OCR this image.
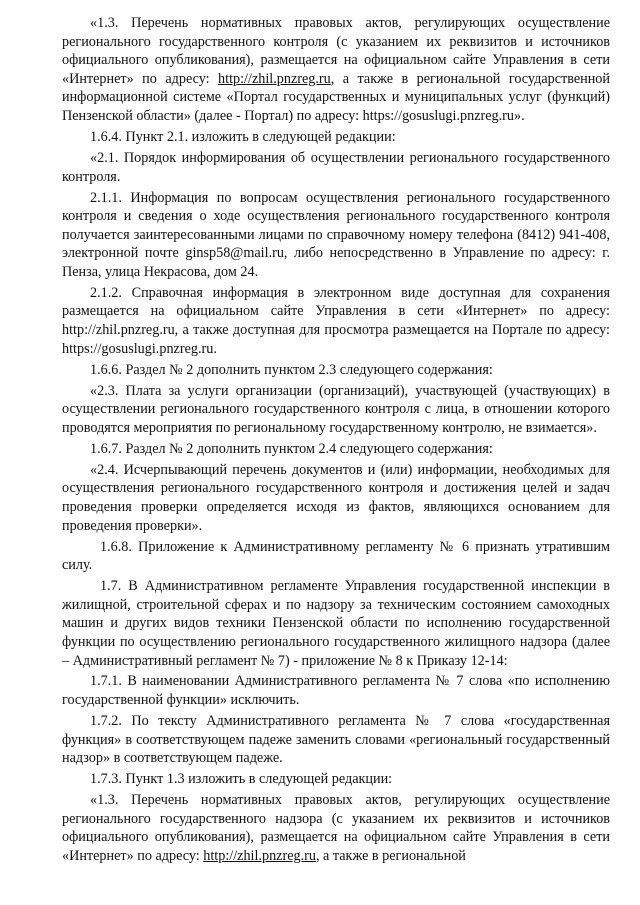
«1.3. Перечень нормативных правовых актов, регулирующих осуществление регионального государственного контроля (с указанием их реквизитов и источников официального опубликования), размещается на официальном сайте Управления в сети «Интернет» по адресу: http://zhil.pnzreg.ru, а также в региональной государственной информационной системе «Портал государственных и муниципальных услуг (функций) Пензенской области» (далее - Портал) по адресу: https://gosuslugi.pnzreg.ru».

1.6.4. Пункт 2.1. изложить в следующей редакции:

«2.1. Порядок информирования об осуществлении регионального государственного контроля.

2.1.1. Информация по вопросам осуществления регионального государственного контроля и сведения о ходе осуществления регионального государственного контроля получается заинтересованными лицами по справочному номеру телефона (8412) 941-408, электронной почте ginsp58@mail.ru, либо непосредственно в Управление по адресу: г. Пенза, улица Некрасова, дом 24.

2.1.2. Справочная информация в электронном виде доступная для сохранения размещается на официальном сайте Управления в сети «Интернет» по адресу: http://zhil.pnzreg.ru, а также доступная для просмотра размещается на Портале по адресу: https://gosuslugi.pnzreg.ru.

1.6.6. Раздел № 2 дополнить пунктом 2.3 следующего содержания:

«2.3. Плата за услуги организации (организаций), участвующей (участвующих) в осуществлении регионального государственного контроля с лица, в отношении которого проводятся мероприятия по региональному государственному контролю, не взимается».

1.6.7. Раздел № 2 дополнить пунктом 2.4 следующего содержания:

«2.4. Исчерпывающий перечень документов и (или) информации, необходимых для осуществления регионального государственного контроля и достижения целей и задач проведения проверки определяется исходя из фактов, являющихся основанием для проведения проверки».

1.6.8. Приложение к Административному регламенту № 6 признать утратившим силу.

1.7. В Административном регламенте Управления государственной инспекции в жилищной, строительной сферах и по надзору за техническим состоянием самоходных машин и других видов техники Пензенской области по исполнению государственной функции по осуществлению регионального государственного жилищного надзора (далее – Административный регламент № 7) - приложение № 8 к Приказу 12-14:

1.7.1. В наименовании Административного регламента № 7 слова «по исполнению государственной функции» исключить.

1.7.2. По тексту Административного регламента № 7 слова «государственная функция» в соответствующем падеже заменить словами «региональный государственный надзор» в соответствующем падеже.

1.7.3. Пункт 1.3 изложить в следующей редакции:

«1.3. Перечень нормативных правовых актов, регулирующих осуществление регионального государственного надзора (с указанием их реквизитов и источников официального опубликования), размещается на официальном сайте Управления в сети «Интернет» по адресу: http://zhil.pnzreg.ru, а также в региональной
